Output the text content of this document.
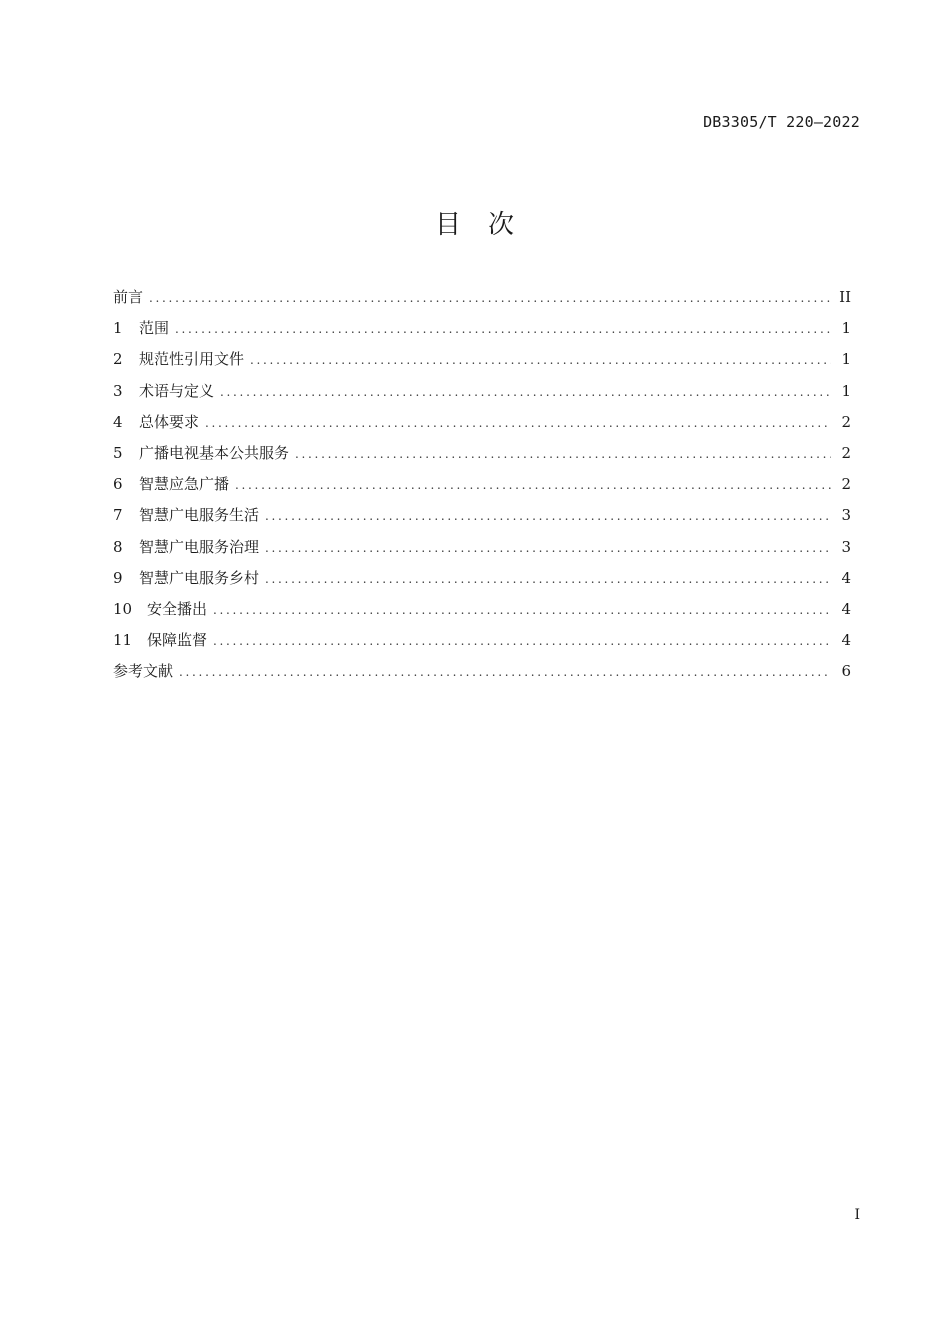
DB3305/T 220—2022
目 次
前言 .....	II
1	范围 .....	1
2	规范性引用文件 .....	1
3	术语与定义 .....	1
4	总体要求 .....	2
5	广播电视基本公共服务 .....	2
6	智慧应急广播 .....	2
7	智慧广电服务生活 .....	3
8	智慧广电服务治理 .....	3
9	智慧广电服务乡村 .....	4
10 安全播出 .....	4
11 保障监督 .....	4
参考文献 .....	6
I
